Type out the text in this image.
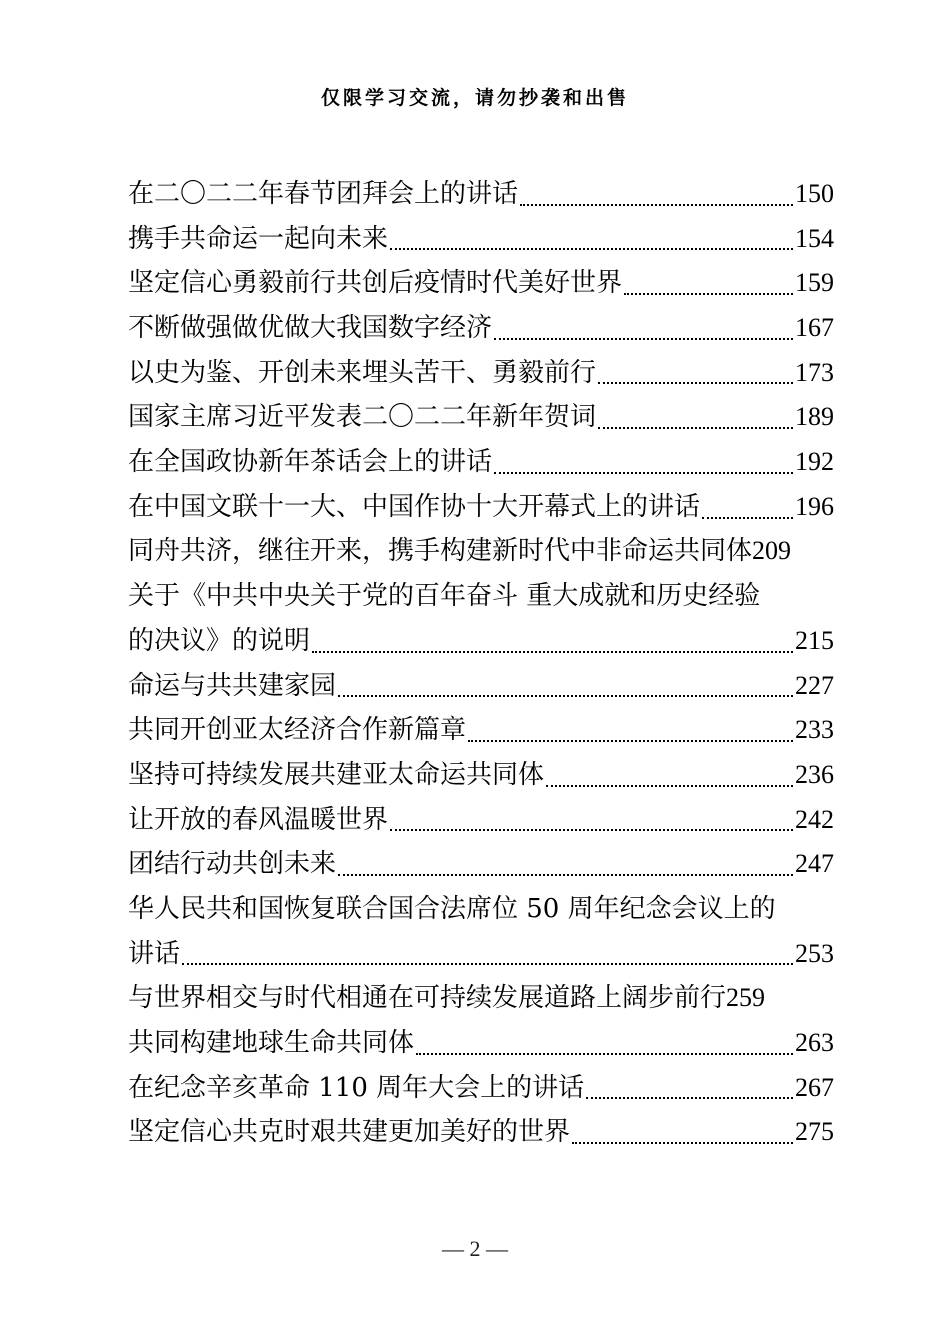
仅限学习交流，请勿抄袭和出售
在二〇二二年春节团拜会上的讲话	150
携手共命运一起向未来	154
坚定信心勇毅前行共创后疫情时代美好世界	159
不断做强做优做大我国数字经济	167
以史为鉴、开创未来埋头苦干、勇毅前行	173
国家主席习近平发表二〇二二年新年贺词	189
在全国政协新年茶话会上的讲话	192
在中国文联十一大、中国作协十大开幕式上的讲话	196
同舟共济，继往开来，携手构建新时代中非命运共同体 209
关于《中共中央关于党的百年奋斗 重大成就和历史经验
的决议》的说明	215
命运与共共建家园	227
共同开创亚太经济合作新篇章	233
坚持可持续发展共建亚太命运共同体	236
让开放的春风温暖世界	242
团结行动共创未来	247
华人民共和国恢复联合国合法席位 50 周年纪念会议上的
讲话	253
与世界相交与时代相通在可持续发展道路上阔步前行 259
共同构建地球生命共同体	263
在纪念辛亥革命 110 周年大会上的讲话	267
坚定信心共克时艰共建更加美好的世界	275
— 2 —
